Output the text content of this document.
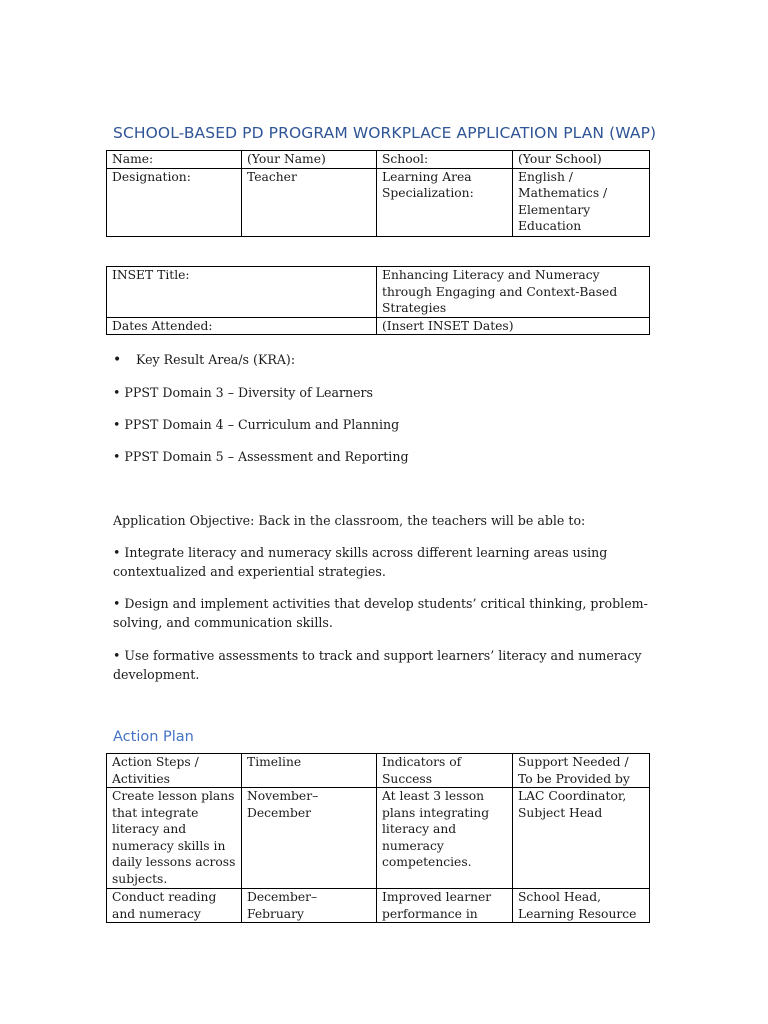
SCHOOL-BASED PD PROGRAM WORKPLACE APPLICATION PLAN (WAP)
Name:	(Your Name)	School:	(Your School)
Designation:	Teacher	Learning Area Specialization:	English / Mathematics / Elementary Education
INSET Title:	Enhancing Literacy and Numeracy through Engaging and Context-Based Strategies
Dates Attended:	(Insert INSET Dates)
• Key Result Area/s (KRA):

• PPST Domain 3 – Diversity of Learners

• PPST Domain 4 – Curriculum and Planning

• PPST Domain 5 – Assessment and Reporting

Application Objective: Back in the classroom, the teachers will be able to:

• Integrate literacy and numeracy skills across different learning areas using contextualized and experiential strategies.

• Design and implement activities that develop students’ critical thinking, problem-solving, and communication skills.

• Use formative assessments to track and support learners’ literacy and numeracy development.

Action Plan
Action Steps / Activities	Timeline	Indicators of Success	Support Needed / To be Provided by
Create lesson plans that integrate literacy and numeracy skills in daily lessons across subjects.	November–December	At least 3 lesson plans integrating literacy and numeracy competencies.	LAC Coordinator, Subject Head
Conduct reading and numeracy	December–February	Improved learner performance in	School Head, Learning Resource
